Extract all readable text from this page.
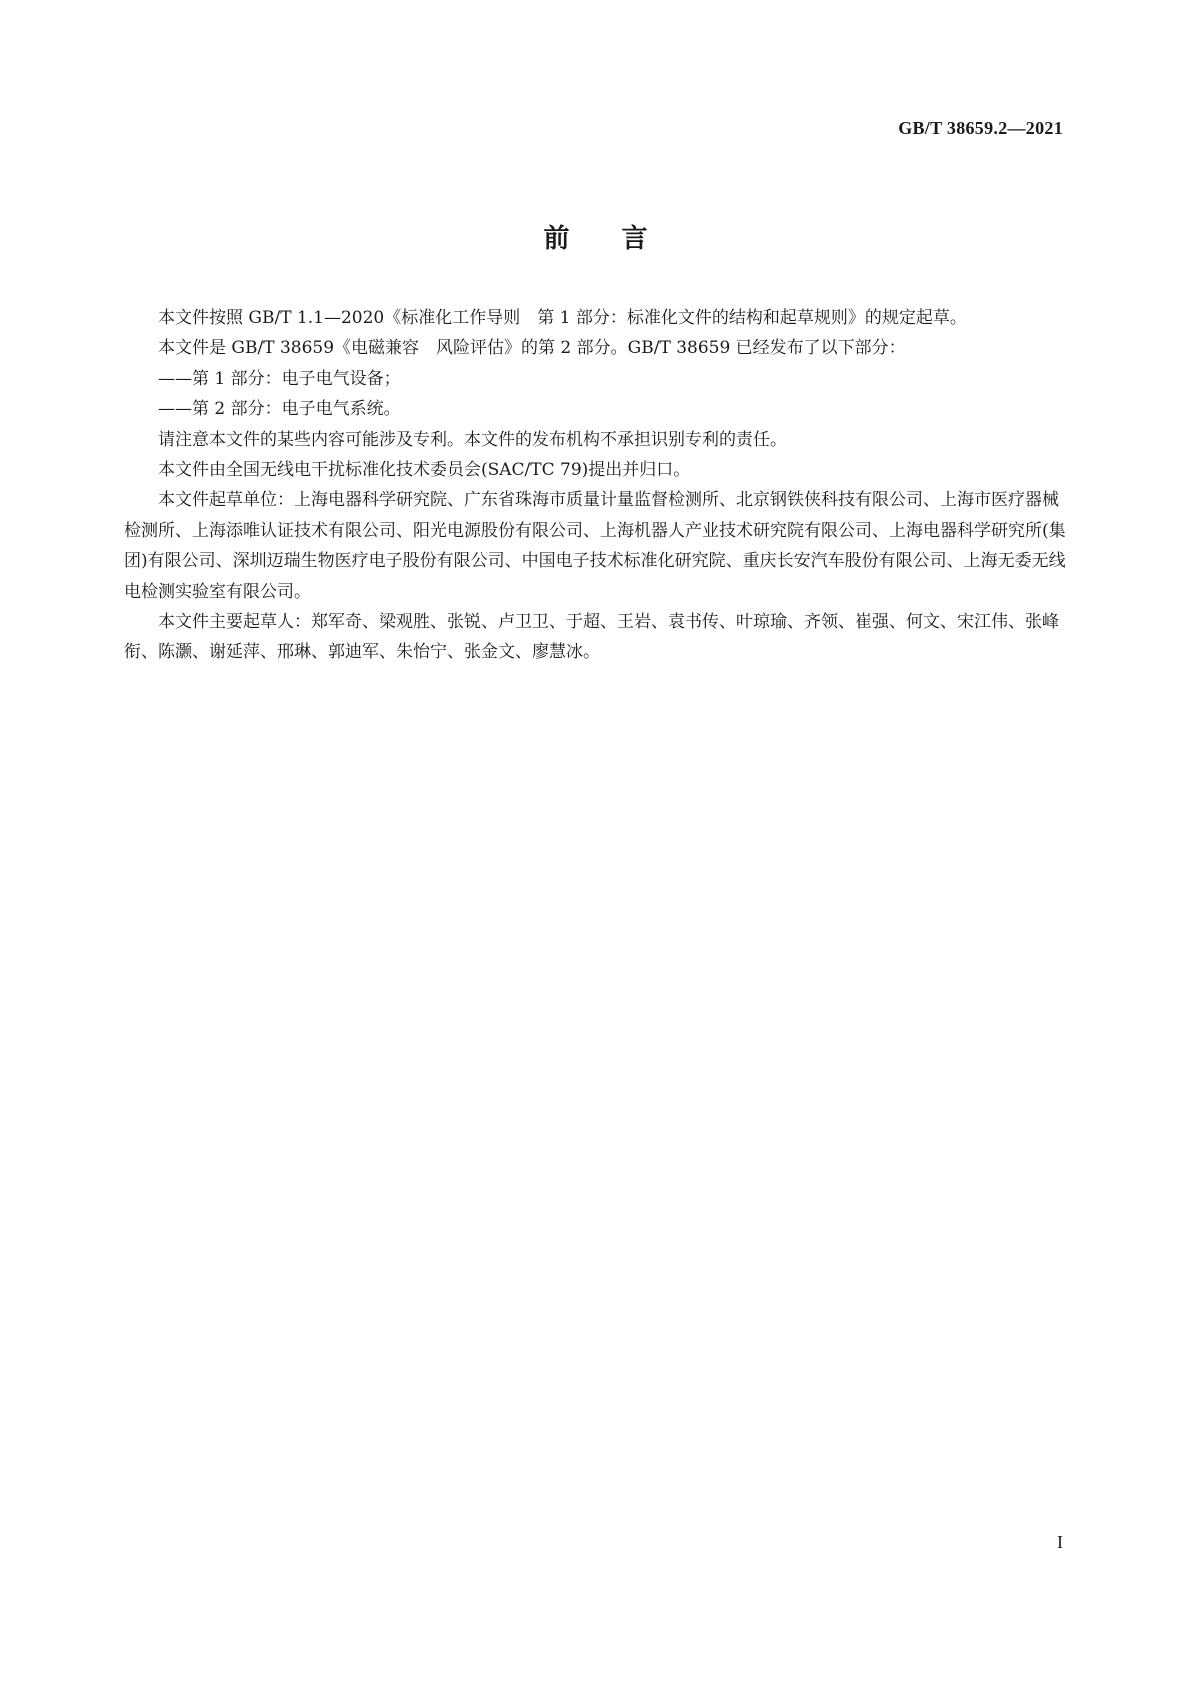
GB/T 38659.2—2021
前　　言

本文件按照 GB/T 1.1—2020《标准化工作导则　第 1 部分：标准化文件的结构和起草规则》的规定起草。

本文件是 GB/T 38659《电磁兼容　风险评估》的第 2 部分。GB/T 38659 已经发布了以下部分：

——第 1 部分：电子电气设备；

——第 2 部分：电子电气系统。

请注意本文件的某些内容可能涉及专利。本文件的发布机构不承担识别专利的责任。

本文件由全国无线电干扰标准化技术委员会(SAC/TC 79)提出并归口。

本文件起草单位：上海电器科学研究院、广东省珠海市质量计量监督检测所、北京钢铁侠科技有限公司、上海市医疗器械检测所、上海添唯认证技术有限公司、阳光电源股份有限公司、上海机器人产业技术研究院有限公司、上海电器科学研究所(集团)有限公司、深圳迈瑞生物医疗电子股份有限公司、中国电子技术标准化研究院、重庆长安汽车股份有限公司、上海无委无线电检测实验室有限公司。

本文件主要起草人：郑军奇、梁观胜、张锐、卢卫卫、于超、王岩、袁书传、叶琼瑜、齐领、崔强、何文、宋江伟、张峰衔、陈灏、谢延萍、邢琳、郭迪军、朱怡宁、张金文、廖慧冰。

I
